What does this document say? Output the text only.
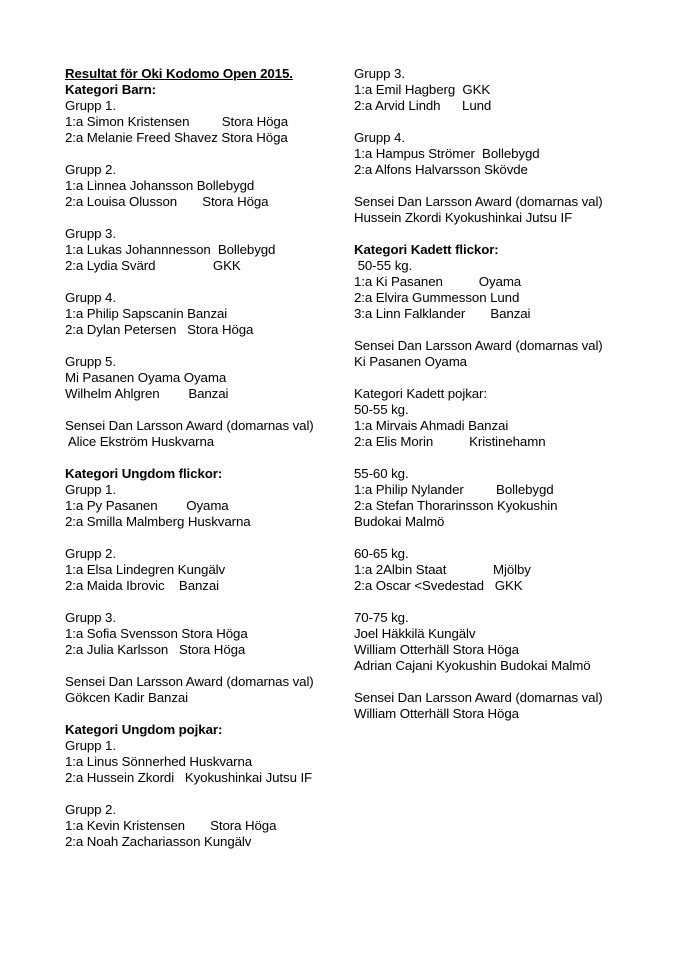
Resultat för Oki Kodomo Open 2015.
Kategori Barn:
Grupp 1.
1:a Simon Kristensen         Stora Höga
2:a Melanie Freed Shavez Stora Höga
Grupp 2.
1:a Linnea Johansson Bollebygd
2:a Louisa Olusson       Stora Höga
Grupp 3.
1:a Lukas Johannnesson  Bollebygd
2:a Lydia Svärd                GKK
Grupp 4.
1:a Philip Sapscanin Banzai
2:a Dylan Petersen   Stora Höga
Grupp 5.
Mi Pasanen Oyama Oyama
Wilhelm Ahlgren        Banzai
Sensei Dan Larsson Award (domarnas val)
Alice Ekström Huskvarna
Kategori Ungdom flickor:
Grupp 1.
1:a Py Pasanen        Oyama
2:a Smilla Malmberg Huskvarna
Grupp 2.
1:a Elsa Lindegren Kungälv
2:a Maida Ibrovic    Banzai
Grupp 3.
1:a Sofia Svensson Stora Höga
2:a Julia Karlsson   Stora Höga
Sensei Dan Larsson Award (domarnas val)
Gökcen Kadir Banzai
Kategori Ungdom pojkar:
Grupp 1.
1:a Linus Sönnerhed Huskvarna
2:a Hussein Zkordi   Kyokushinkai Jutsu IF
Grupp 2.
1:a Kevin Kristensen       Stora Höga
2:a Noah Zachariasson Kungälv
Grupp 3.
1:a Emil Hagberg  GKK
2:a Arvid Lindh      Lund
Grupp 4.
1:a Hampus Strömer  Bollebygd
2:a Alfons Halvarsson Skövde
Sensei Dan Larsson Award (domarnas val)
Hussein Zkordi Kyokushinkai Jutsu IF
Kategori Kadett flickor:
50-55 kg.
1:a Ki Pasanen          Oyama
2:a Elvira Gummesson Lund
3:a Linn Falklander       Banzai
Sensei Dan Larsson Award (domarnas val)
Ki Pasanen Oyama
Kategori Kadett pojkar:
50-55 kg.
1:a Mirvais Ahmadi Banzai
2:a Elis Morin          Kristinehamn
55-60 kg.
1:a Philip Nylander         Bollebygd
2:a Stefan Thorarinsson Kyokushin
Budokai Malmö
60-65 kg.
1:a 2Albin Staat             Mjölby
2:a Oscar <Svedestad   GKK
70-75 kg.
Joel Häkkilä Kungälv
William Otterhäll Stora Höga
Adrian Cajani Kyokushin Budokai Malmö
Sensei Dan Larsson Award (domarnas val)
William Otterhäll Stora Höga
